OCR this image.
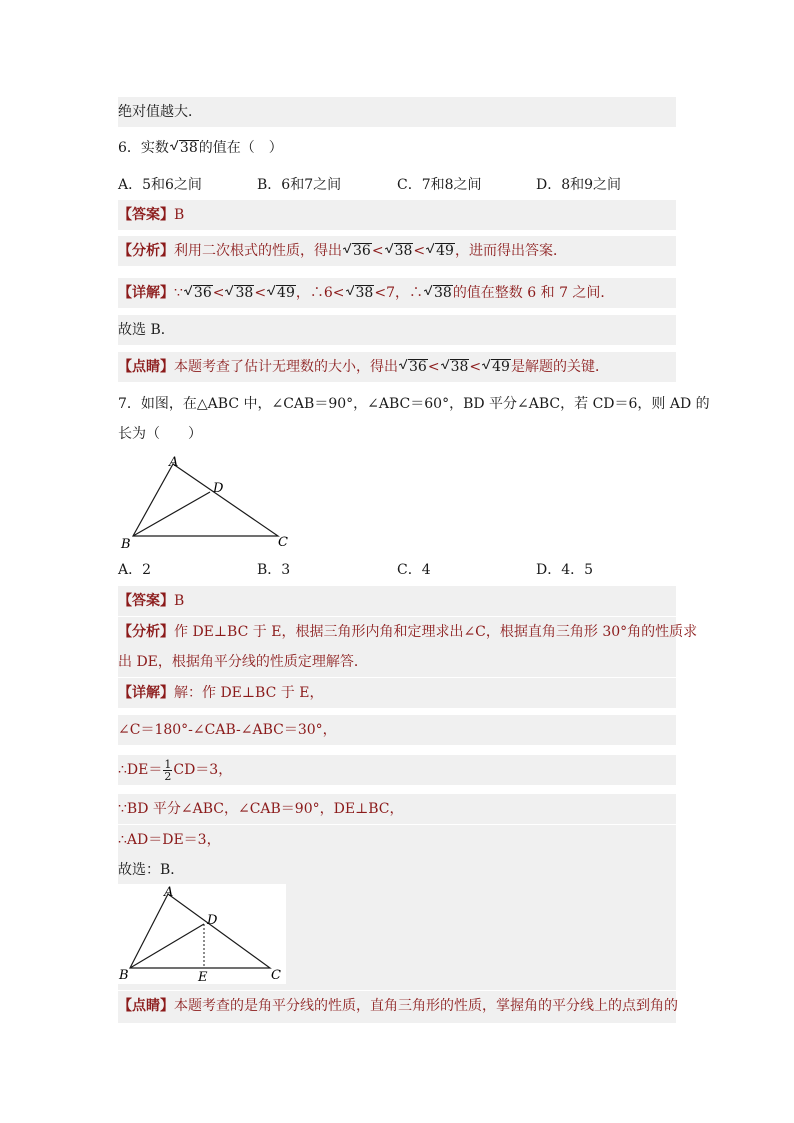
绝对值越大．
6．实数 38的值在（　）
A．5和6之间	B．6和7之间	C．7和8之间	D．8和9之间
【答案】B
【分析】利用二次根式的性质，得出 36< 38< 49，进而得出答案．
【详解】∵ 36< 38< 49，∴6< 38<7，∴ 38的值在整数 6 和 7 之间．
故选 B．
【点睛】本题考查了估计无理数的大小，得出 36< 38< 49是解题的关键．
7．如图，在△ABC 中，∠CAB＝90°，∠ABC＝60°，BD 平分∠ABC，若 CD＝6，则 AD 的
长为（　　）
A
B	C
D
A．2	B．3	C．4	D．4．5
【答案】B
【分析】作 DE⊥BC 于 E，根据三角形内角和定理求出∠C，根据直角三角形 30°角的性质求
出 DE，根据角平分线的性质定理解答．
【详解】解：作 DE⊥BC 于 E，
∠C＝180°-∠CAB-∠ABC＝30°，
∴DE＝ $\frac{1}{2} CD=3$，
∵BD 平分∠ABC，∠CAB＝90°，DE⊥BC，
∴AD＝DE＝3，
故选：B．
A
B	C
D
E
【点睛】本题考查的是角平分线的性质，直角三角形的性质，掌握角的平分线上的点到角的
